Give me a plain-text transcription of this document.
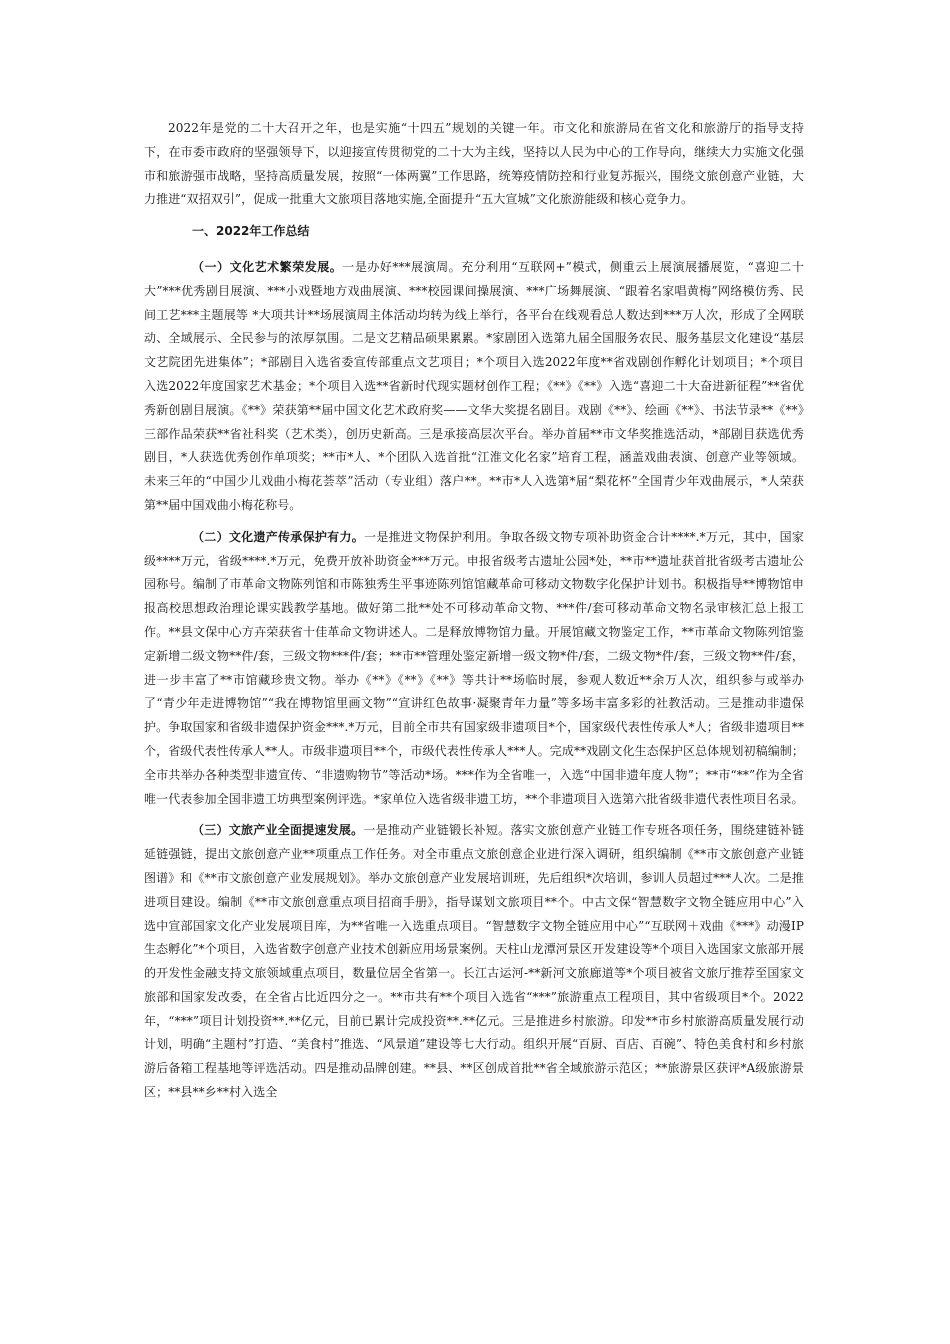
2022年是党的二十大召开之年，也是实施“十四五”规划的关键一年。市文化和旅游局在省文化和旅游厅的指导支持下，在市委市政府的坚强领导下，以迎接宣传贯彻党的二十大为主线，坚持以人民为中心的工作导向，继续大力实施文化强市和旅游强市战略，坚持高质量发展，按照“一体两翼”工作思路，统筹疫情防控和行业复苏振兴，围绕文旅创意产业链，大力推进“双招双引”，促成一批重大文旅项目落地实施,全面提升“五大宣城”文化旅游能级和核心竞争力。

一、2022年工作总结

（一）文化艺术繁荣发展。一是办好***展演周。充分利用“互联网+”模式，侧重云上展演展播展览，“喜迎二十大”***优秀剧目展演、***小戏暨地方戏曲展演、***校园课间操展演、***广场舞展演、“跟着名家唱黄梅”网络模仿秀、民间工艺***主题展等 *大项共计**场展演周主体活动均转为线上举行，各平台在线观看总人数达到***万人次，形成了全网联动、全域展示、全民参与的浓厚氛围。二是文艺精品硕果累累。*家剧团入选第九届全国服务农民、服务基层文化建设“基层文艺院团先进集体”；*部剧目入选省委宣传部重点文艺项目；*个项目入选2022年度**省戏剧创作孵化计划项目；*个项目入选2022年度国家艺术基金；*个项目入选**省新时代现实题材创作工程；《**》《**》入选“喜迎二十大奋进新征程”**省优秀新创剧目展演。《**》荣获第**届中国文化艺术政府奖——文华大奖提名剧目。戏剧《**》、绘画《**》、书法节录**《**》三部作品荣获**省社科奖（艺术类），创历史新高。三是承接高层次平台。举办首届**市文华奖推选活动，*部剧目获选优秀剧目，*人获选优秀创作单项奖；**市*人、*个团队入选首批“江淮文化名家”培育工程，涵盖戏曲表演、创意产业等领域。未来三年的“中国少儿戏曲小梅花荟萃”活动（专业组）落户**。**市*人入选第*届“梨花杯”全国青少年戏曲展示，*人荣获第**届中国戏曲小梅花称号。

（二）文化遗产传承保护有力。一是推进文物保护利用。争取各级文物专项补助资金合计****.*万元，其中，国家级****万元，省级****.*万元，免费开放补助资金***万元。申报省级考古遗址公园*处，**市**遗址获首批省级考古遗址公园称号。编制了市革命文物陈列馆和市陈独秀生平事迹陈列馆馆藏革命可移动文物数字化保护计划书。积极指导**博物馆申报高校思想政治理论课实践教学基地。做好第二批**处不可移动革命文物、***件/套可移动革命文物名录审核汇总上报工作。**县文保中心方卉荣获省十佳革命文物讲述人。二是释放博物馆力量。开展馆藏文物鉴定工作，**市革命文物陈列馆鉴定新增二级文物**件/套，三级文物***件/套；**市**管理处鉴定新增一级文物*件/套，二级文物*件/套，三级文物**件/套，进一步丰富了**市馆藏珍贵文物。举办《**》《**》《**》等共计**场临时展，参观人数近**余万人次，组织参与或举办了“青少年走进博物馆”“我在博物馆里画文物”“宣讲红色故事·凝聚青年力量”等多场丰富多彩的社教活动。三是推动非遗保护。争取国家和省级非遗保护资金***.*万元，目前全市共有国家级非遗项目*个，国家级代表性传承人*人；省级非遗项目**个，省级代表性传承人**人。市级非遗项目**个，市级代表性传承人***人。完成**戏剧文化生态保护区总体规划初稿编制；全市共举办各种类型非遗宣传、“非遗购物节”等活动*场。***作为全省唯一，入选“中国非遗年度人物”；**市“**”作为全省唯一代表参加全国非遗工坊典型案例评选。*家单位入选省级非遗工坊，**个非遗项目入选第六批省级非遗代表性项目名录。

（三）文旅产业全面提速发展。一是推动产业链锻长补短。落实文旅创意产业链工作专班各项任务，围绕建链补链延链强链，提出文旅创意产业**项重点工作任务。对全市重点文旅创意企业进行深入调研，组织编制《**市文旅创意产业链图谱》和《**市文旅创意产业发展规划》。举办文旅创意产业发展培训班，先后组织*次培训，参训人员超过***人次。二是推进项目建设。编制《**市文旅创意重点项目招商手册》，指导谋划文旅项目**个。中古文保“智慧数字文物全链应用中心”入选中宣部国家文化产业发展项目库，为**省唯一入选重点项目。“智慧数字文物全链应用中心”“互联网＋戏曲《***》动漫IP生态孵化”*个项目，入选省数字创意产业技术创新应用场景案例。天柱山龙潭河景区开发建设等*个项目入选国家文旅部开展的开发性金融支持文旅领域重点项目，数量位居全省第一。长江古运河-**新河文旅廊道等*个项目被省文旅厅推荐至国家文旅部和国家发改委，在全省占比近四分之一。**市共有**个项目入选省“***”旅游重点工程项目，其中省级项目*个。2022年，“***”项目计划投资**.**亿元，目前已累计完成投资**.**亿元。三是推进乡村旅游。印发**市乡村旅游高质量发展行动计划，明确“主题村”打造、“美食村”推选、“风景道”建设等七大行动。组织开展“百厨、百店、百碗”、特色美食村和乡村旅游后备箱工程基地等评选活动。四是推动品牌创建。**县、**区创成首批**省全域旅游示范区；**旅游景区获评*A级旅游景区；**县**乡**村入选全
